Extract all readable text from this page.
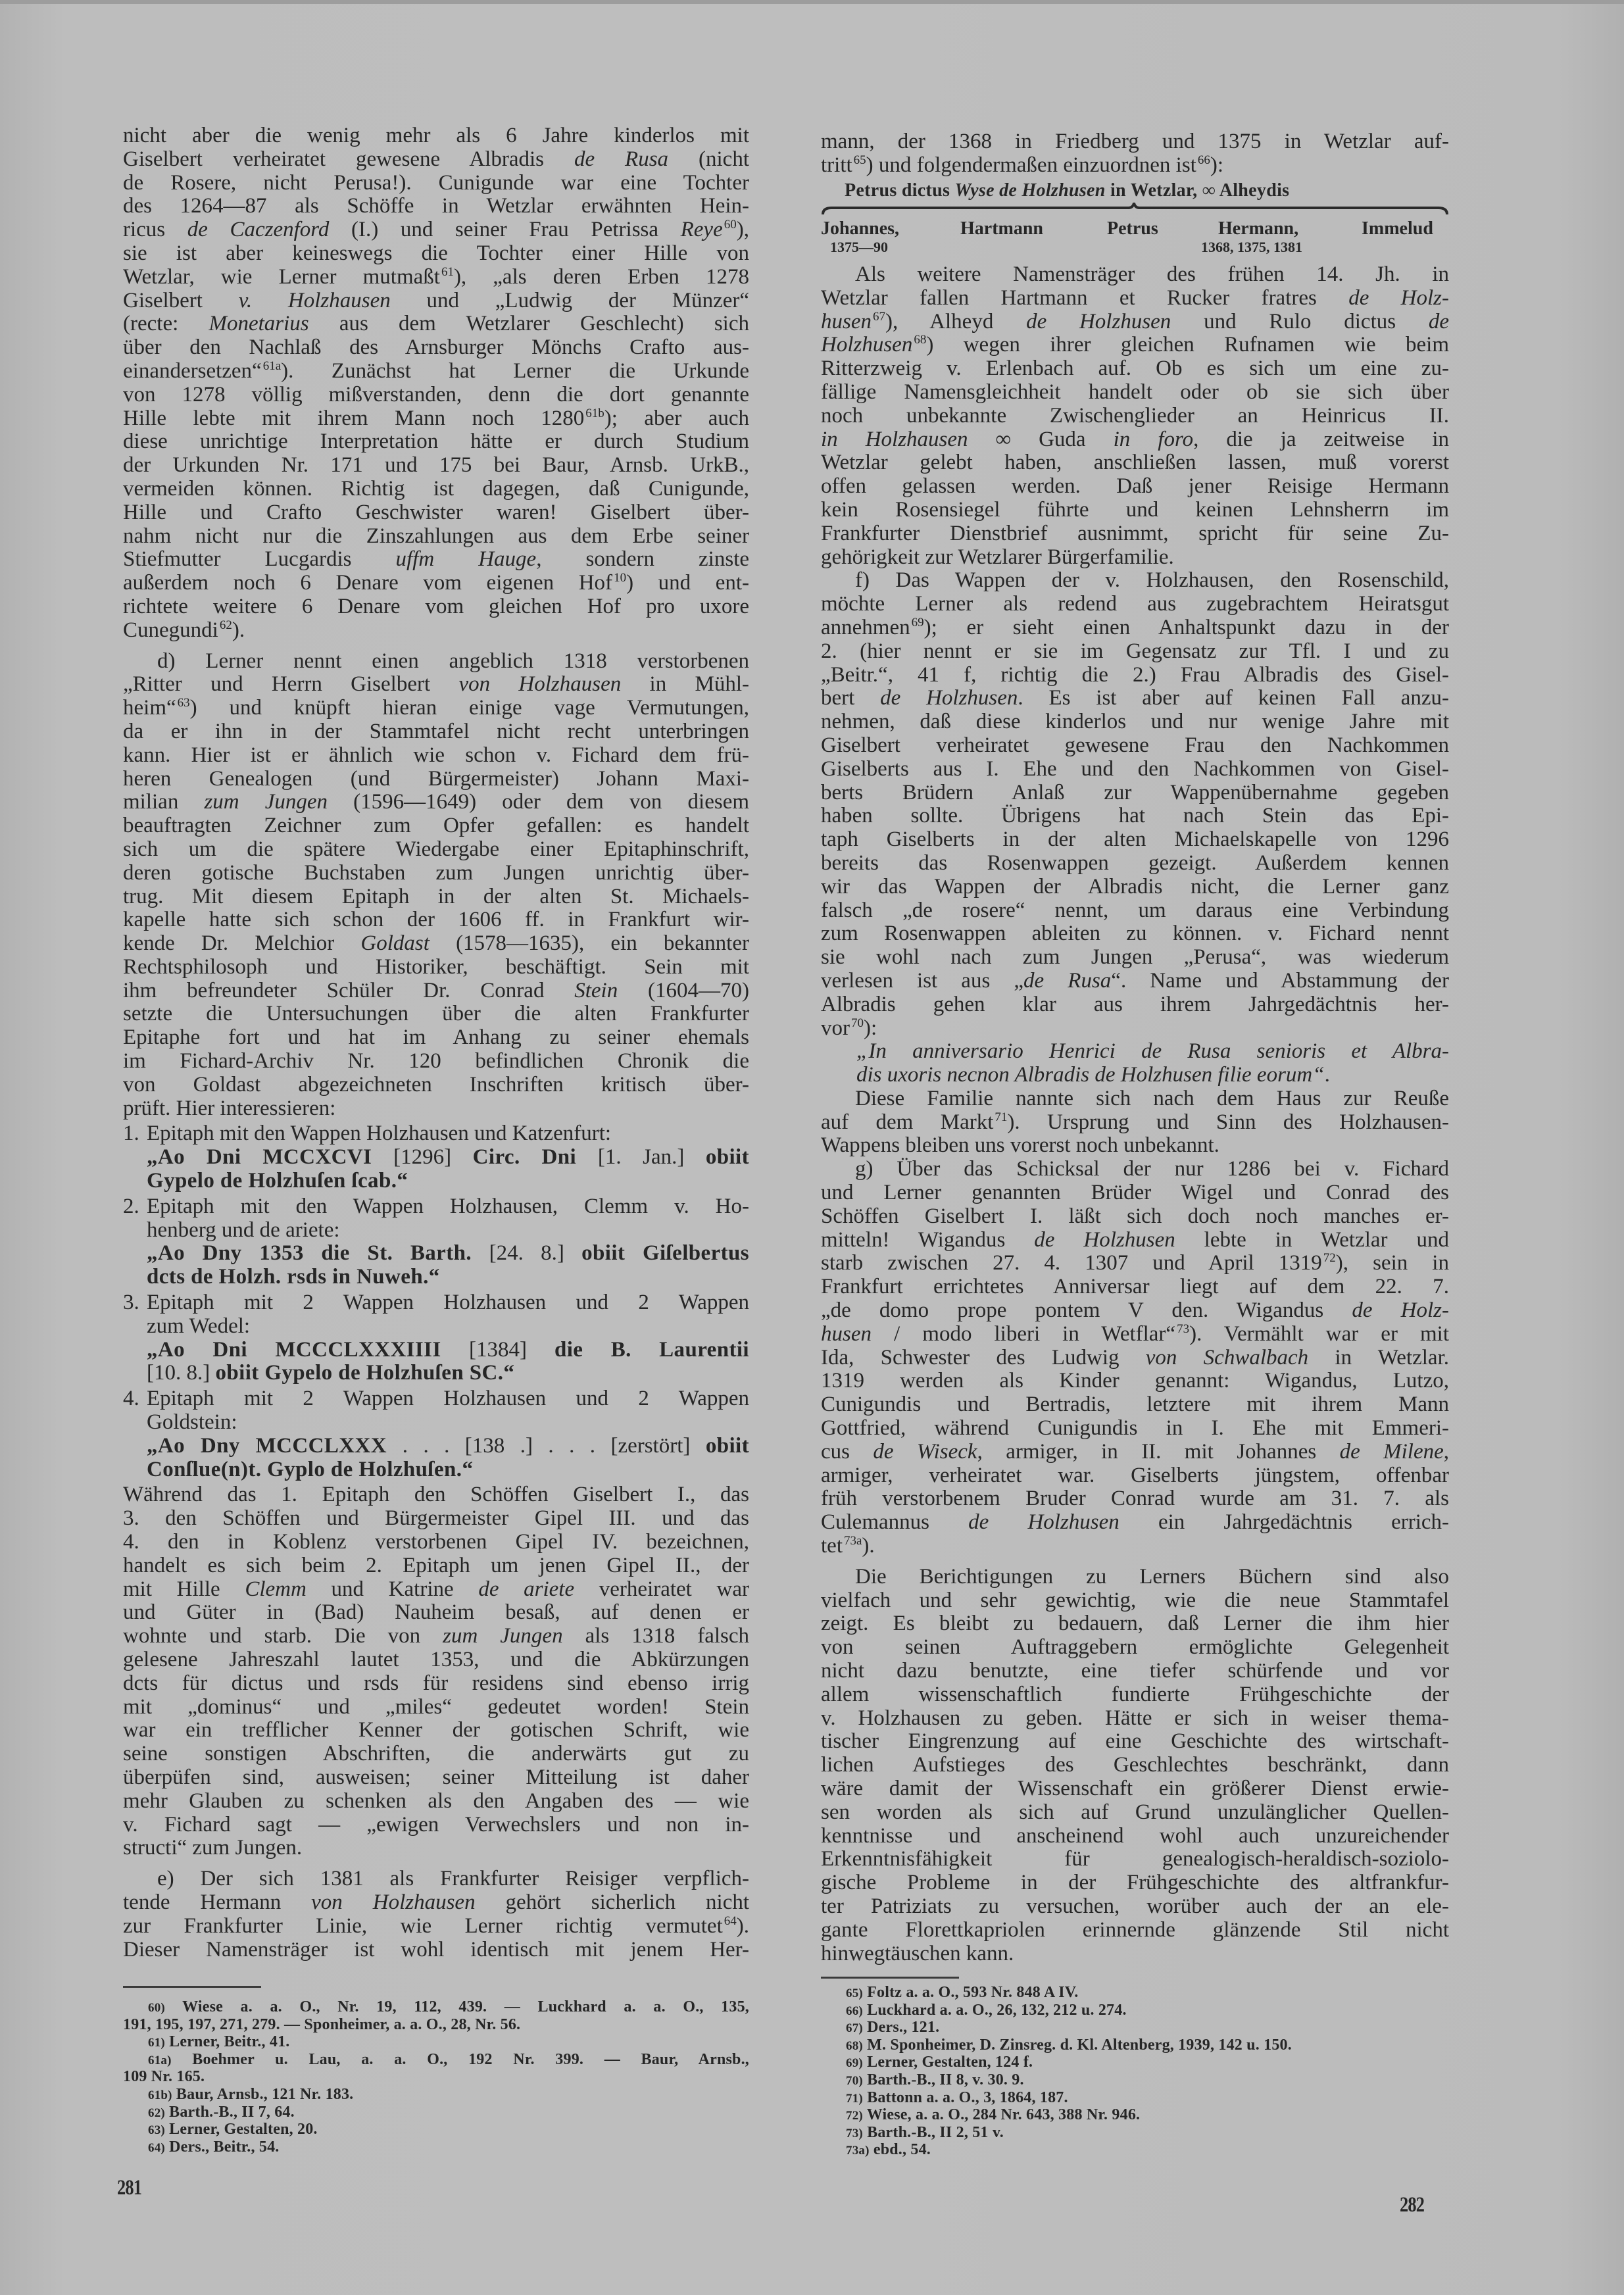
nicht aber die wenig mehr als 6 Jahre kinderlos mit
Giselbert verheiratet gewesene Albradis de Rusa (nicht
de Rosere, nicht Perusa!). Cunigunde war eine Tochter
des 1264—87 als Schöffe in Wetzlar erwähnten Hein-
ricus de Caczenford (I.) und seiner Frau Petrissa Reye $^{60}$),
sie ist aber keineswegs die Tochter einer Hille von
Wetzlar, wie Lerner mutmaßt $^{61}$), „als deren Erben 1278
Giselbert v. Holzhausen und „Ludwig der Münzer“
(recte: Monetarius aus dem Wetzlarer Geschlecht) sich
über den Nachlaß des Arnsburger Mönchs Crafto aus-
einandersetzen“ $^{61a}$). Zunächst hat Lerner die Urkunde
von 1278 völlig mißverstanden, denn die dort genannte
Hille lebte mit ihrem Mann noch 1280 $^{61b}$); aber auch
diese unrichtige Interpretation hätte er durch Studium
der Urkunden Nr. 171 und 175 bei Baur, Arnsb. UrkB.,
vermeiden können. Richtig ist dagegen, daß Cunigunde,
Hille und Crafto Geschwister waren! Giselbert über-
nahm nicht nur die Zinszahlungen aus dem Erbe seiner
Stiefmutter Lucgardis uffm Hauge, sondern zinste
außerdem noch 6 Denare vom eigenen Hof $^{10}$) und ent-
richtete weitere 6 Denare vom gleichen Hof pro uxore
Cunegundi $^{62}$).
d) Lerner nennt einen angeblich 1318 verstorbenen
„Ritter und Herrn Giselbert von Holzhausen in Mühl-
heim“ $^{63}$) und knüpft hieran einige vage Vermutungen,
da er ihn in der Stammtafel nicht recht unterbringen
kann. Hier ist er ähnlich wie schon v. Fichard dem frü-
heren Genealogen (und Bürgermeister) Johann Maxi-
milian zum Jungen (1596—1649) oder dem von diesem
beauftragten Zeichner zum Opfer gefallen: es handelt
sich um die spätere Wiedergabe einer Epitaphinschrift,
deren gotische Buchstaben zum Jungen unrichtig über-
trug. Mit diesem Epitaph in der alten St. Michaels-
kapelle hatte sich schon der 1606 ff. in Frankfurt wir-
kende Dr. Melchior Goldast (1578—1635), ein bekannter
Rechtsphilosoph und Historiker, beschäftigt. Sein mit
ihm befreundeter Schüler Dr. Conrad Stein (1604—70)
setzte die Untersuchungen über die alten Frankfurter
Epitaphe fort und hat im Anhang zu seiner ehemals
im Fichard-Archiv Nr. 120 befindlichen Chronik die
von Goldast abgezeichneten Inschriften kritisch über-
prüft. Hier interessieren:
1. Epitaph mit den Wappen Holzhausen und Katzenfurt:
„Ao Dni MCCXCVI [1296] Circ. Dni [1. Jan.] obiit
Gypelo de Holzhuſen ſcab.“
2. Epitaph mit den Wappen Holzhausen, Clemm v. Ho-
henberg und de ariete:
„Ao Dny 1353 die St. Barth. [24. 8.] obiit Giſelbertus
dcts de Holzh. rsds in Nuweh.“
3. Epitaph mit 2 Wappen Holzhausen und 2 Wappen
zum Wedel:
„Ao Dni MCCCLXXXIIII [1384] die B. Laurentii
[10. 8.] obiit Gypelo de Holzhuſen SC.“
4. Epitaph mit 2 Wappen Holzhausen und 2 Wappen
Goldstein:
„Ao Dny MCCCLXXX . . . [138 .] . . . [zerstört] obiit
Conſlue(n)t. Gyplo de Holzhuſen.“
Während das 1. Epitaph den Schöffen Giselbert I., das
3. den Schöffen und Bürgermeister Gipel III. und das
4. den in Koblenz verstorbenen Gipel IV. bezeichnen,
handelt es sich beim 2. Epitaph um jenen Gipel II., der
mit Hille Clemm und Katrine de ariete verheiratet war
und Güter in (Bad) Nauheim besaß, auf denen er
wohnte und starb. Die von zum Jungen als 1318 falsch
gelesene Jahreszahl lautet 1353, und die Abkürzungen
dcts für dictus und rsds für residens sind ebenso irrig
mit „dominus“ und „miles“ gedeutet worden! Stein
war ein trefflicher Kenner der gotischen Schrift, wie
seine sonstigen Abschriften, die anderwärts gut zu
überpüfen sind, ausweisen; seiner Mitteilung ist daher
mehr Glauben zu schenken als den Angaben des — wie
v. Fichard sagt — „ewigen Verwechslers und non in-
structi“ zum Jungen.
e) Der sich 1381 als Frankfurter Reisiger verpflich-
tende Hermann von Holzhausen gehört sicherlich nicht
zur Frankfurter Linie, wie Lerner richtig vermutet $^{64}$).
Dieser Namensträger ist wohl identisch mit jenem Her-
60) Wiese a. a. O., Nr. 19, 112, 439. — Luckhard a. a. O., 135,
191, 195, 197, 271, 279. — Sponheimer, a. a. O., 28, Nr. 56.
61) Lerner, Beitr., 41.
61a) Boehmer u. Lau, a. a. O., 192 Nr. 399. — Baur, Arnsb.,
109 Nr. 165.
61b) Baur, Arnsb., 121 Nr. 183.
62) Barth.-B., II 7, 64.
63) Lerner, Gestalten, 20.
64) Ders., Beitr., 54.
281
mann, der 1368 in Friedberg und 1375 in Wetzlar auf-
tritt $^{65}$) und folgendermaßen einzuordnen ist $^{66}$):
Petrus dictus Wyse de Holzhusen in Wetzlar, ∞ Alheydis
Johannes,
1375—90
Hartmann	Petrus	Hermann,
1368, 1375, 1381
Immelud
Als weitere Namensträger des frühen 14. Jh. in
Wetzlar fallen Hartmann et Rucker fratres de Holz-
husen $^{67}$), Alheyd de Holzhusen und Rulo dictus de
Holzhusen $^{68}$) wegen ihrer gleichen Rufnamen wie beim
Ritterzweig v. Erlenbach auf. Ob es sich um eine zu-
fällige Namensgleichheit handelt oder ob sie sich über
noch unbekannte Zwischenglieder an Heinricus II.
in Holzhausen ∞ Guda in foro, die ja zeitweise in
Wetzlar gelebt haben, anschließen lassen, muß vorerst
offen gelassen werden. Daß jener Reisige Hermann
kein Rosensiegel führte und keinen Lehnsherrn im
Frankfurter Dienstbrief ausnimmt, spricht für seine Zu-
gehörigkeit zur Wetzlarer Bürgerfamilie.
f) Das Wappen der v. Holzhausen, den Rosenschild,
möchte Lerner als redend aus zugebrachtem Heiratsgut
annehmen $^{69}$); er sieht einen Anhaltspunkt dazu in der
2. (hier nennt er sie im Gegensatz zur Tfl. I und zu
„Beitr.“, 41 f, richtig die 2.) Frau Albradis des Gisel-
bert de Holzhusen. Es ist aber auf keinen Fall anzu-
nehmen, daß diese kinderlos und nur wenige Jahre mit
Giselbert verheiratet gewesene Frau den Nachkommen
Giselberts aus I. Ehe und den Nachkommen von Gisel-
berts Brüdern Anlaß zur Wappenübernahme gegeben
haben sollte. Übrigens hat nach Stein das Epi-
taph Giselberts in der alten Michaelskapelle von 1296
bereits das Rosenwappen gezeigt. Außerdem kennen
wir das Wappen der Albradis nicht, die Lerner ganz
falsch „de rosere“ nennt, um daraus eine Verbindung
zum Rosenwappen ableiten zu können. v. Fichard nennt
sie wohl nach zum Jungen „Perusa“, was wiederum
verlesen ist aus „de Rusa“. Name und Abstammung der
Albradis gehen klar aus ihrem Jahrgedächtnis her-
vor $^{70}$):
„In anniversario Henrici de Rusa senioris et Albra-
dis uxoris necnon Albradis de Holzhusen filie eorum“.
Diese Familie nannte sich nach dem Haus zur Reuße
auf dem Markt $^{71}$). Ursprung und Sinn des Holzhausen-
Wappens bleiben uns vorerst noch unbekannt.
g) Über das Schicksal der nur 1286 bei v. Fichard
und Lerner genannten Brüder Wigel und Conrad des
Schöffen Giselbert I. läßt sich doch noch manches er-
mitteln! Wigandus de Holzhusen lebte in Wetzlar und
starb zwischen 27. 4. 1307 und April 1319 $^{72}$), sein in
Frankfurt errichtetes Anniversar liegt auf dem 22. 7.
„de domo prope pontem V den. Wigandus de Holz-
husen / modo liberi in Wetflar“ $^{73}$). Vermählt war er mit
Ida, Schwester des Ludwig von Schwalbach in Wetzlar.
1319 werden als Kinder genannt: Wigandus, Lutzo,
Cunigundis und Bertradis, letztere mit ihrem Mann
Gottfried, während Cunigundis in I. Ehe mit Emmeri-
cus de Wiseck, armiger, in II. mit Johannes de Milene,
armiger, verheiratet war. Giselberts jüngstem, offenbar
früh verstorbenem Bruder Conrad wurde am 31. 7. als
Culemannus de Holzhusen ein Jahrgedächtnis errich-
tet $^{73a}$).
Die Berichtigungen zu Lerners Büchern sind also
vielfach und sehr gewichtig, wie die neue Stammtafel
zeigt. Es bleibt zu bedauern, daß Lerner die ihm hier
von seinen Auftraggebern ermöglichte Gelegenheit
nicht dazu benutzte, eine tiefer schürfende und vor
allem wissenschaftlich fundierte Frühgeschichte der
v. Holzhausen zu geben. Hätte er sich in weiser thema-
tischer Eingrenzung auf eine Geschichte des wirtschaft-
lichen Aufstieges des Geschlechtes beschränkt, dann
wäre damit der Wissenschaft ein größerer Dienst erwie-
sen worden als sich auf Grund unzulänglicher Quellen-
kenntnisse und anscheinend wohl auch unzureichender
Erkenntnisfähigkeit für genealogisch-heraldisch-soziolo-
gische Probleme in der Frühgeschichte des altfrankfur-
ter Patriziats zu versuchen, worüber auch der an ele-
gante Florettkapriolen erinnernde glänzende Stil nicht
hinwegtäuschen kann.
65) Foltz a. a. O., 593 Nr. 848 A IV.
66) Luckhard a. a. O., 26, 132, 212 u. 274.
67) Ders., 121.
68) M. Sponheimer, D. Zinsreg. d. Kl. Altenberg, 1939, 142 u. 150.
69) Lerner, Gestalten, 124 f.
70) Barth.-B., II 8, v. 30. 9.
71) Battonn a. a. O., 3, 1864, 187.
72) Wiese, a. a. O., 284 Nr. 643, 388 Nr. 946.
73) Barth.-B., II 2, 51 v.
73a) ebd., 54.
282
